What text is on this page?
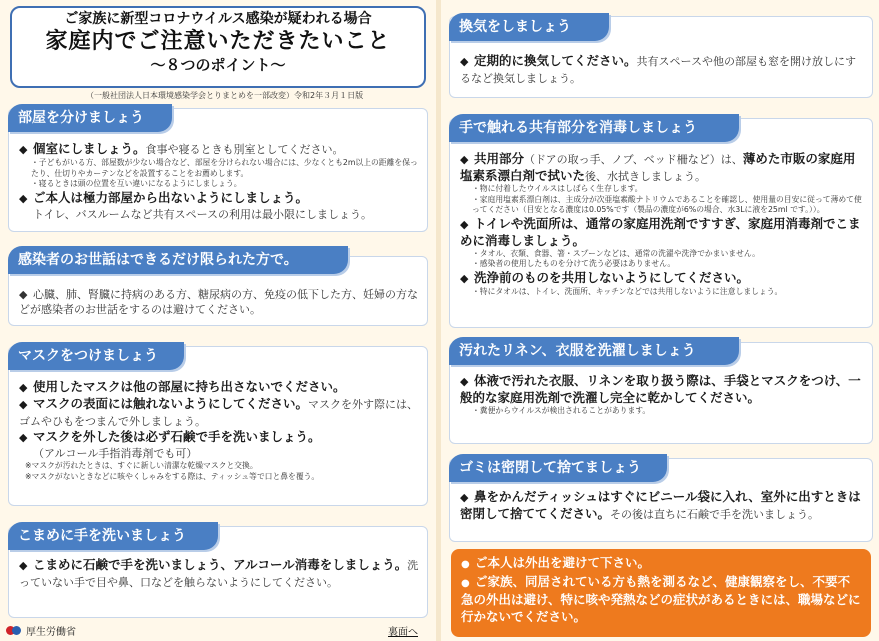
ご家族に新型コロナウイルス感染が疑われる場合
家庭内でご注意いただきたいこと
～８つのポイント～
（一般社団法人日本環境感染学会とりまとめを一部改変）令和2年３月１日版
◆ 個室にしましょう。食事や寝るときも別室としてください。
・子どもがいる方、部屋数が少ない場合など、部屋を分けられない場合には、少なくとも2m以上の距離を保ったり、仕切りやカーテンなどを設置することをお薦めします。
・寝るときは頭の位置を互い違いになるようにしましょう。
◆ ご本人は極力部屋から出ないようにしましょう。
トイレ、バスルームなど共有スペースの利用は最小限にしましょう。
部屋を分けましょう
◆ 心臓、肺、腎臓に持病のある方、糖尿病の方、免疫の低下した方、妊婦の方などが感染者のお世話をするのは避けてください。
感染者のお世話はできるだけ限られた方で。
◆ 使用したマスクは他の部屋に持ち出さないでください。
◆ マスクの表面には触れないようにしてください。マスクを外す際には、ゴムやひもをつまんで外しましょう。
◆ マスクを外した後は必ず石鹸で手を洗いましょう。
（アルコール手指消毒剤でも可）
※マスクが汚れたときは、すぐに新しい清潔な乾燥マスクと交換。
※マスクがないときなどに咳やくしゃみをする際は、ティッシュ等で口と鼻を覆う。
マスクをつけましょう
◆ こまめに石鹸で手を洗いましょう、アルコール消毒をしましょう。洗っていない手で目や鼻、口などを触らないようにしてください。
こまめに手を洗いましょう
厚生労働省	裏面へ
◆ 定期的に換気してください。共有スペースや他の部屋も窓を開け放しにするなど換気しましょう。
換気をしましょう
◆ 共用部分（ドアの取っ手、ノブ、ベッド柵など）は、薄めた市販の家庭用塩素系漂白剤で拭いた後、水拭きしましょう。
・物に付着したウイルスはしばらく生存します。
・家庭用塩素系漂白剤は、主成分が次亜塩素酸ナトリウムであることを確認し、使用量の目安に従って薄めて使ってください（目安となる濃度は0.05%です（製品の濃度が6%の場合、水3Lに液を25ml です。））。
◆ トイレや洗面所は、通常の家庭用洗剤ですすぎ、家庭用消毒剤でこまめに消毒しましょう。
・タオル、衣類、食器、箸・スプーンなどは、通常の洗濯や洗浄でかまいません。
・感染者の使用したものを分けて洗う必要はありません。
◆ 洗浄前のものを共用しないようにしてください。
・特にタオルは、トイレ、洗面所、キッチンなどでは共用しないように注意しましょう。
手で触れる共有部分を消毒しましょう
◆ 体液で汚れた衣服、リネンを取り扱う際は、手袋とマスクをつけ、一般的な家庭用洗剤で洗濯し完全に乾かしてください。
・糞便からウイルスが検出されることがあります。
汚れたリネン、衣服を洗濯しましょう
◆ 鼻をかんだティッシュはすぐにビニール袋に入れ、室外に出すときは密閉して捨ててください。その後は直ちに石鹸で手を洗いましょう。
ゴミは密閉して捨てましょう
● ご本人は外出を避けて下さい。
● ご家族、同居されている方も熱を測るなど、健康観察をし、不要不急の外出は避け、特に咳や発熱などの症状があるときには、職場などに行かないでください。
